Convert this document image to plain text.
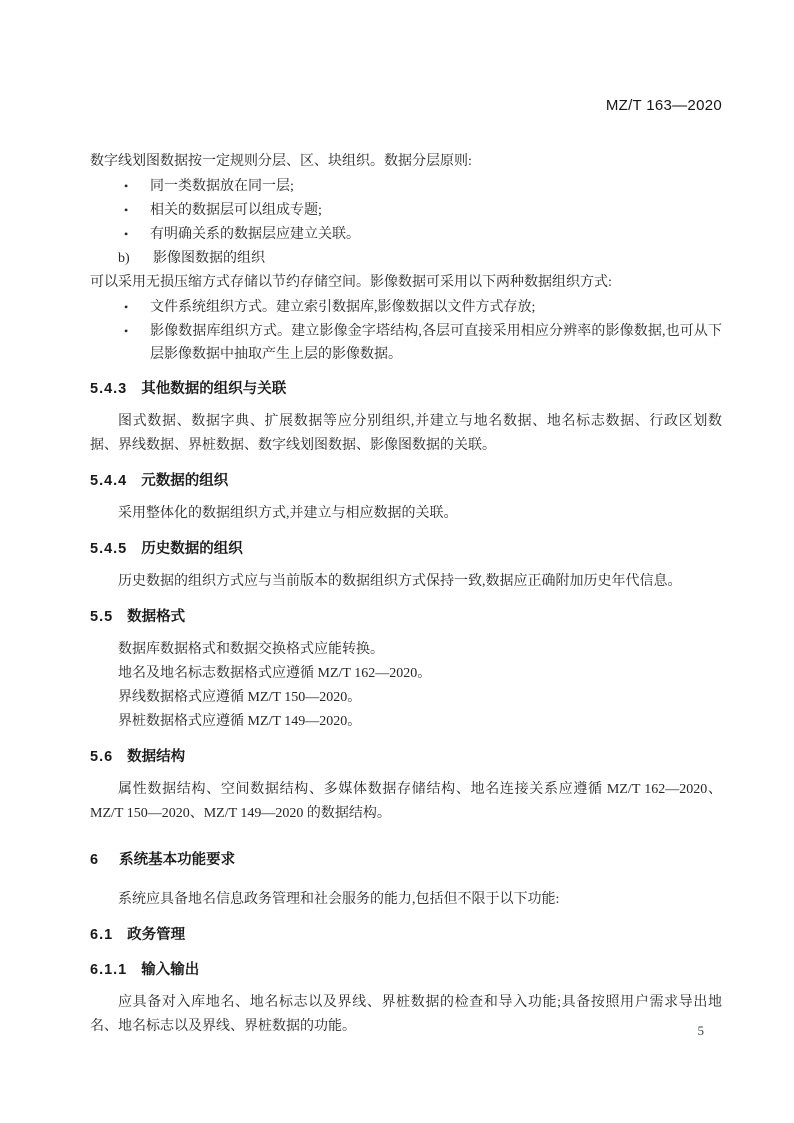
MZ/T 163—2020

数字线划图数据按一定规则分层、区、块组织。数据分层原则:

•	同一类数据放在同一层;
•	相关的数据层可以组成专题;
•	有明确关系的数据层应建立关联。
b)	影像图数据的组织

可以采用无损压缩方式存储以节约存储空间。影像数据可采用以下两种数据组织方式:

•	文件系统组织方式。建立索引数据库,影像数据以文件方式存放;
•	影像数据库组织方式。建立影像金字塔结构,各层可直接采用相应分辨率的影像数据,也可从下层影像数据中抽取产生上层的影像数据。
5.4.3 其他数据的组织与关联

图式数据、数据字典、扩展数据等应分别组织,并建立与地名数据、地名标志数据、行政区划数据、界线数据、界桩数据、数字线划图数据、影像图数据的关联。

5.4.4 元数据的组织

采用整体化的数据组织方式,并建立与相应数据的关联。

5.4.5 历史数据的组织

历史数据的组织方式应与当前版本的数据组织方式保持一致,数据应正确附加历史年代信息。

5.5 数据格式

数据库数据格式和数据交换格式应能转换。

地名及地名标志数据格式应遵循 MZ/T 162—2020。

界线数据格式应遵循 MZ/T 150—2020。

界桩数据格式应遵循 MZ/T 149—2020。

5.6 数据结构

属性数据结构、空间数据结构、多媒体数据存储结构、地名连接关系应遵循 MZ/T 162—2020、MZ/T 150—2020、MZ/T 149—2020 的数据结构。

6 系统基本功能要求

系统应具备地名信息政务管理和社会服务的能力,包括但不限于以下功能:

6.1 政务管理
6.1.1 输入输出

应具备对入库地名、地名标志以及界线、界桩数据的检查和导入功能;具备按照用户需求导出地名、地名标志以及界线、界桩数据的功能。	5
